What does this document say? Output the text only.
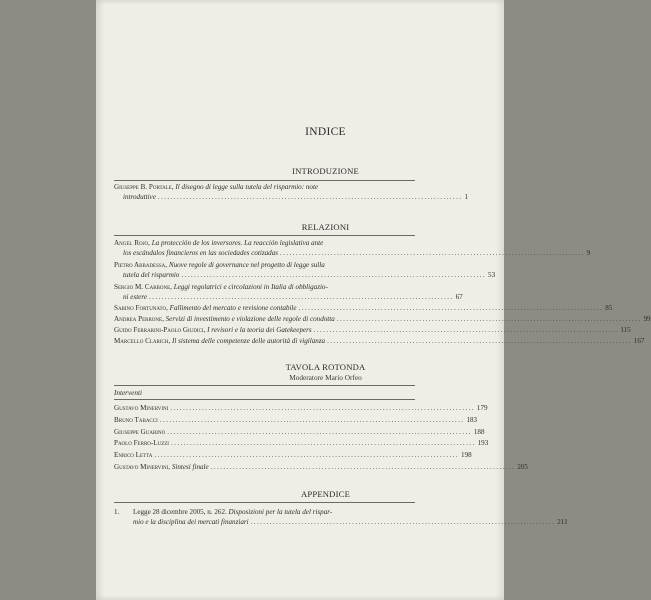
INDICE
INTRODUZIONE
Giuseppe B. Portale, Il disegno di legge sulla tutela del risparmio: note
introduttive ................................................................................................ 1
RELAZIONI
Angel Rojo, La protección de los inversores. La reacción legislativa ante
los escándalos financieros en las sociedades cotizadas ................................................................................................ 9
Pietro Abbadessa, Nuove regole di governance nel progetto di legge sulla
tutela del risparmio ................................................................................................ 53
Sergio M. Carbone, Leggi regolatrici e circolazioni in Italia di obbligazio-
ni estere ................................................................................................ 67
Sabino Fortunato, Fallimento del mercato e revisione contabile ................................................................................................ 85
Andrea Perrone, Servizi di investimento e violazione delle regole di condotta ................................................................................................ 99
Guido Ferrarini-Paolo Giudici, I revisori e la teoria dei Gatekeepers ................................................................................................ 115
Marcello Clarich, Il sistema delle competenze delle autorità di vigilanza ................................................................................................ 167
TAVOLA ROTONDA
Moderatore Mario Orfeo
Interventi
Gustavo Minervini ................................................................................................ 179
Bruno Tabacci ................................................................................................ 183
Giuseppe Guarino ................................................................................................ 188
Paolo Ferro-Luzzi ................................................................................................ 193
Enrico Letta ................................................................................................ 198
Gustavo Minervini, Sintesi finale ................................................................................................ 205
APPENDICE
1. Legge 28 dicembre 2005, n. 262. Disposizioni per la tutela del rispar-
mio e la disciplina dei mercati finanziari ................................................................................................ 211
